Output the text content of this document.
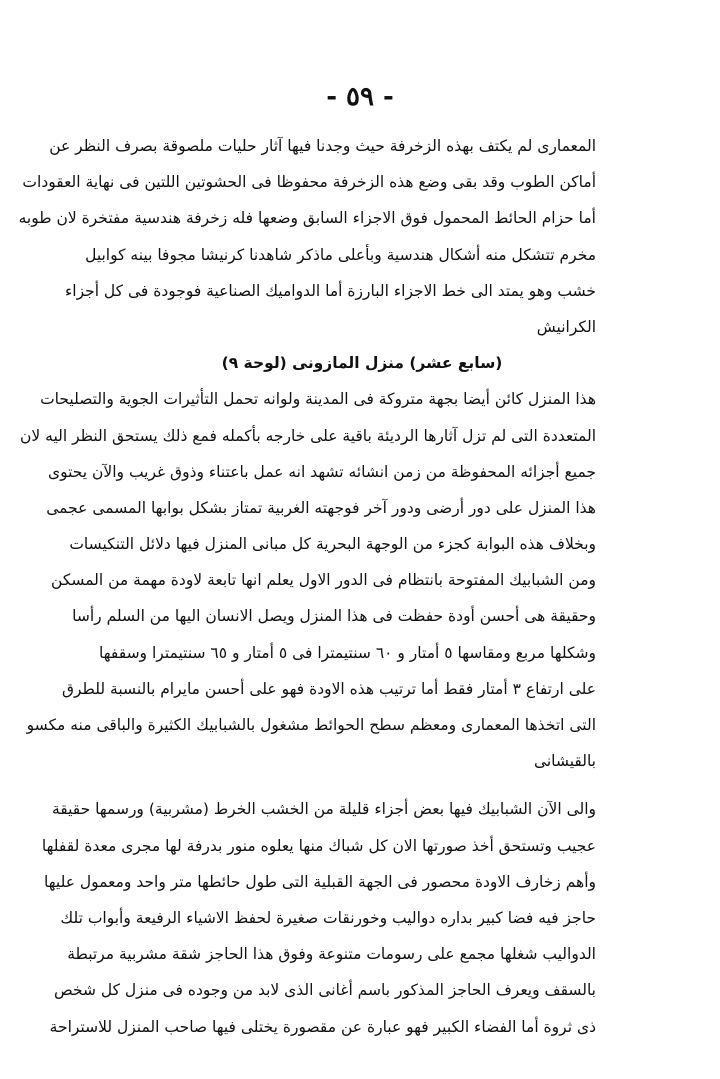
- ٥٩ -
المعمارى لم يكتف بهذه الزخرفة حيث وجدنا فيها آثار حليات ملصوقة بصرف النظر عن
أماكن الطوب وقد بقى وضع هذه الزخرفة محفوظا فى الحشوتين اللتين فى نهاية العقودات
أما حزام الحائط المحمول فوق الاجزاء السابق وضعها فله زخرفة هندسية مفتخرة لان طوبه
مخرم تتشكل منه أشكال هندسية وبأعلى ماذكر شاهدنا كرنيشا مجوفا بينه كوابيل
خشب وهو يمتد الى خط الاجزاء البارزة أما الدواميك الصناعية فوجودة فى كل أجزاء
الكرانيش
(سابع عشر) منزل المازونى (لوحة ٩)
هذا المنزل كائن أيضا بجهة متروكة فى المدينة ولوانه تحمل التأثيرات الجوية والتصليحات
المتعددة التى لم تزل آثارها الرديئة باقية على خارجه بأكمله فمع ذلك يستحق النظر اليه لان
جميع أجزائه المحفوظة من زمن انشائه تشهد انه عمل باعتناء وذوق غريب والآن يحتوى
هذا المنزل على دور أرضى ودور آخر فوجهته الغربية تمتاز بشكل بوابها المسمى عجمى
وبخلاف هذه البوابة كجزء من الوجهة البحرية كل مبانى المنزل فيها دلائل التنكيسات
ومن الشبابيك المفتوحة بانتظام فى الدور الاول يعلم انها تابعة لاودة مهمة من المسكن
وحقيقة هى أحسن أودة حفظت فى هذا المنزل ويصل الانسان اليها من السلم رأسا
وشكلها مربع ومقاسها ٥ أمتار و ٦٠ سنتيمترا فى ٥ أمتار و ٦٥ سنتيمترا وسقفها
على ارتفاع ٣ أمتار فقط أما ترتيب هذه الاودة فهو على أحسن مايرام بالنسبة للطرق
التى اتخذها المعمارى ومعظم سطح الحوائط مشغول بالشبابيك الكثيرة والباقى منه مكسو
بالقيشانى
والى الآن الشبابيك فيها بعض أجزاء قليلة من الخشب الخرط (مشربية) ورسمها حقيقة
عجيب وتستحق أخذ صورتها الان كل شباك منها يعلوه منور بدرفة لها مجرى معدة لقفلها
وأهم زخارف الاودة محصور فى الجهة القبلية التى طول حائطها متر واحد ومعمول عليها
حاجز فيه فضا كبير بداره دواليب وخورنقات صغيرة لحفظ الاشياء الرفيعة وأبواب تلك
الدواليب شغلها مجمع على رسومات متنوعة وفوق هذا الحاجز شقة مشربية مرتبطة
بالسقف ويعرف الحاجز المذكور باسم أغانى الذى لابد من وجوده فى منزل كل شخص
ذى ثروة أما الفضاء الكبير فهو عبارة عن مقصورة يختلى فيها صاحب المنزل للاستراحة
